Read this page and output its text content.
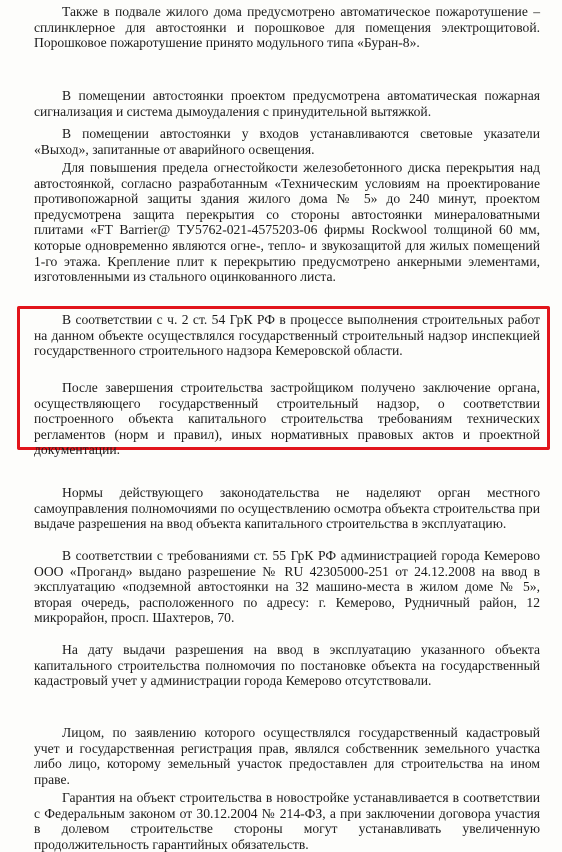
Также в подвале жилого дома предусмотрено автоматическое пожаротушение – сплинклерное для автостоянки и порошковое для помещения электрощитовой. Порошковое пожаротушение принято модульного типа «Буран-8».

В помещении автостоянки проектом предусмотрена автоматическая пожарная сигнализация и система дымоудаления с принудительной вытяжкой.

В помещении автостоянки у входов устанавливаются световые указатели «Выход», запитанные от аварийного освещения.

Для повышения предела огнестойкости железобетонного диска перекрытия над автостоянкой, согласно разработанным «Техническим условиям на проектирование противопожарной защиты здания жилого дома № 5» до 240 минут, проектом предусмотрена защита перекрытия со стороны автостоянки минераловатными плитами «FT Barrier@ ТУ5762-021-4575203-06 фирмы Rockwool толщиной 60 мм, которые одновременно являются огне-, тепло- и звукозащитой для жилых помещений 1-го этажа. Крепление плит к перекрытию предусмотрено анкерными элементами, изготовленными из стального оцинкованного листа.

В соответствии с ч. 2 ст. 54 ГрК РФ в процессе выполнения строительных работ на данном объекте осуществлялся государственный строительный надзор инспекцией государственного строительного надзора Кемеровской области.

После завершения строительства застройщиком получено заключение органа, осуществляющего государственный строительный надзор, о соответствии построенного объекта капитального строительства требованиям технических регламентов (норм и правил), иных нормативных правовых актов и проектной документации.

Нормы действующего законодательства не наделяют орган местного самоуправления полномочиями по осуществлению осмотра объекта строительства при выдаче разрешения на ввод объекта капитального строительства в эксплуатацию.

В соответствии с требованиями ст. 55 ГрК РФ администрацией города Кемерово ООО «Проганд» выдано разрешение № RU 42305000-251 от 24.12.2008 на ввод в эксплуатацию «подземной автостоянки на 32 машино-места в жилом доме № 5», вторая очередь, расположенного по адресу: г. Кемерово, Рудничный район, 12 микрорайон, просп. Шахтеров, 70.

На дату выдачи разрешения на ввод в эксплуатацию указанного объекта капитального строительства полномочия по постановке объекта на государственный кадастровый учет у администрации города Кемерово отсутствовали.

Лицом, по заявлению которого осуществлялся государственный кадастровый учет и государственная регистрация прав, являлся собственник земельного участка либо лицо, которому земельный участок предоставлен для строительства на ином праве.

Гарантия на объект строительства в новостройке устанавливается в соответствии с Федеральным законом от 30.12.2004 № 214-ФЗ, а при заключении договора участия в долевом строительстве стороны могут устанавливать увеличенную продолжительность гарантийных обязательств.
